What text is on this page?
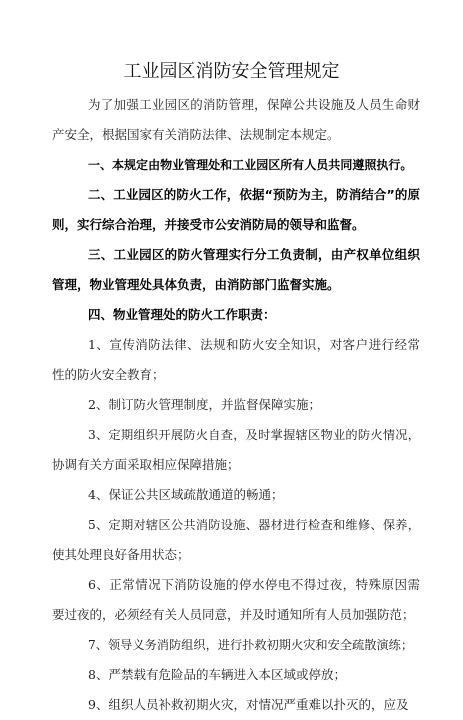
工业园区消防安全管理规定
为了加强工业园区的消防管理，保障公共设施及人员生命财
产安全，根据国家有关消防法律、法规制定本规定。
一、本规定由物业管理处和工业园区所有人员共同遵照执行。
二、工业园区的防火工作，依据“预防为主，防消结合”的原
则，实行综合治理，并接受市公安消防局的领导和监督。
三、工业园区的防火管理实行分工负责制，由产权单位组织
管理，物业管理处具体负责，由消防部门监督实施。
四、物业管理处的防火工作职责：
1、宣传消防法律、法规和防火安全知识，对客户进行经常
性的防火安全教育；
2、制订防火管理制度，并监督保障实施；
3、定期组织开展防火自查，及时掌握辖区物业的防火情况，
协调有关方面采取相应保障措施；
4、保证公共区域疏散通道的畅通；
5、定期对辖区公共消防设施、器材进行检查和维修、保养，
使其处理良好备用状态；
6、正常情况下消防设施的停水停电不得过夜，特殊原因需
要过夜的，必须经有关人员同意，并及时通知所有人员加强防范；
7、领导义务消防组织，进行扑救初期火灾和安全疏散演练；
8、严禁载有危险品的车辆进入本区域或停放；
9、组织人员补救初期火灾，对情况严重难以扑灭的，应及
